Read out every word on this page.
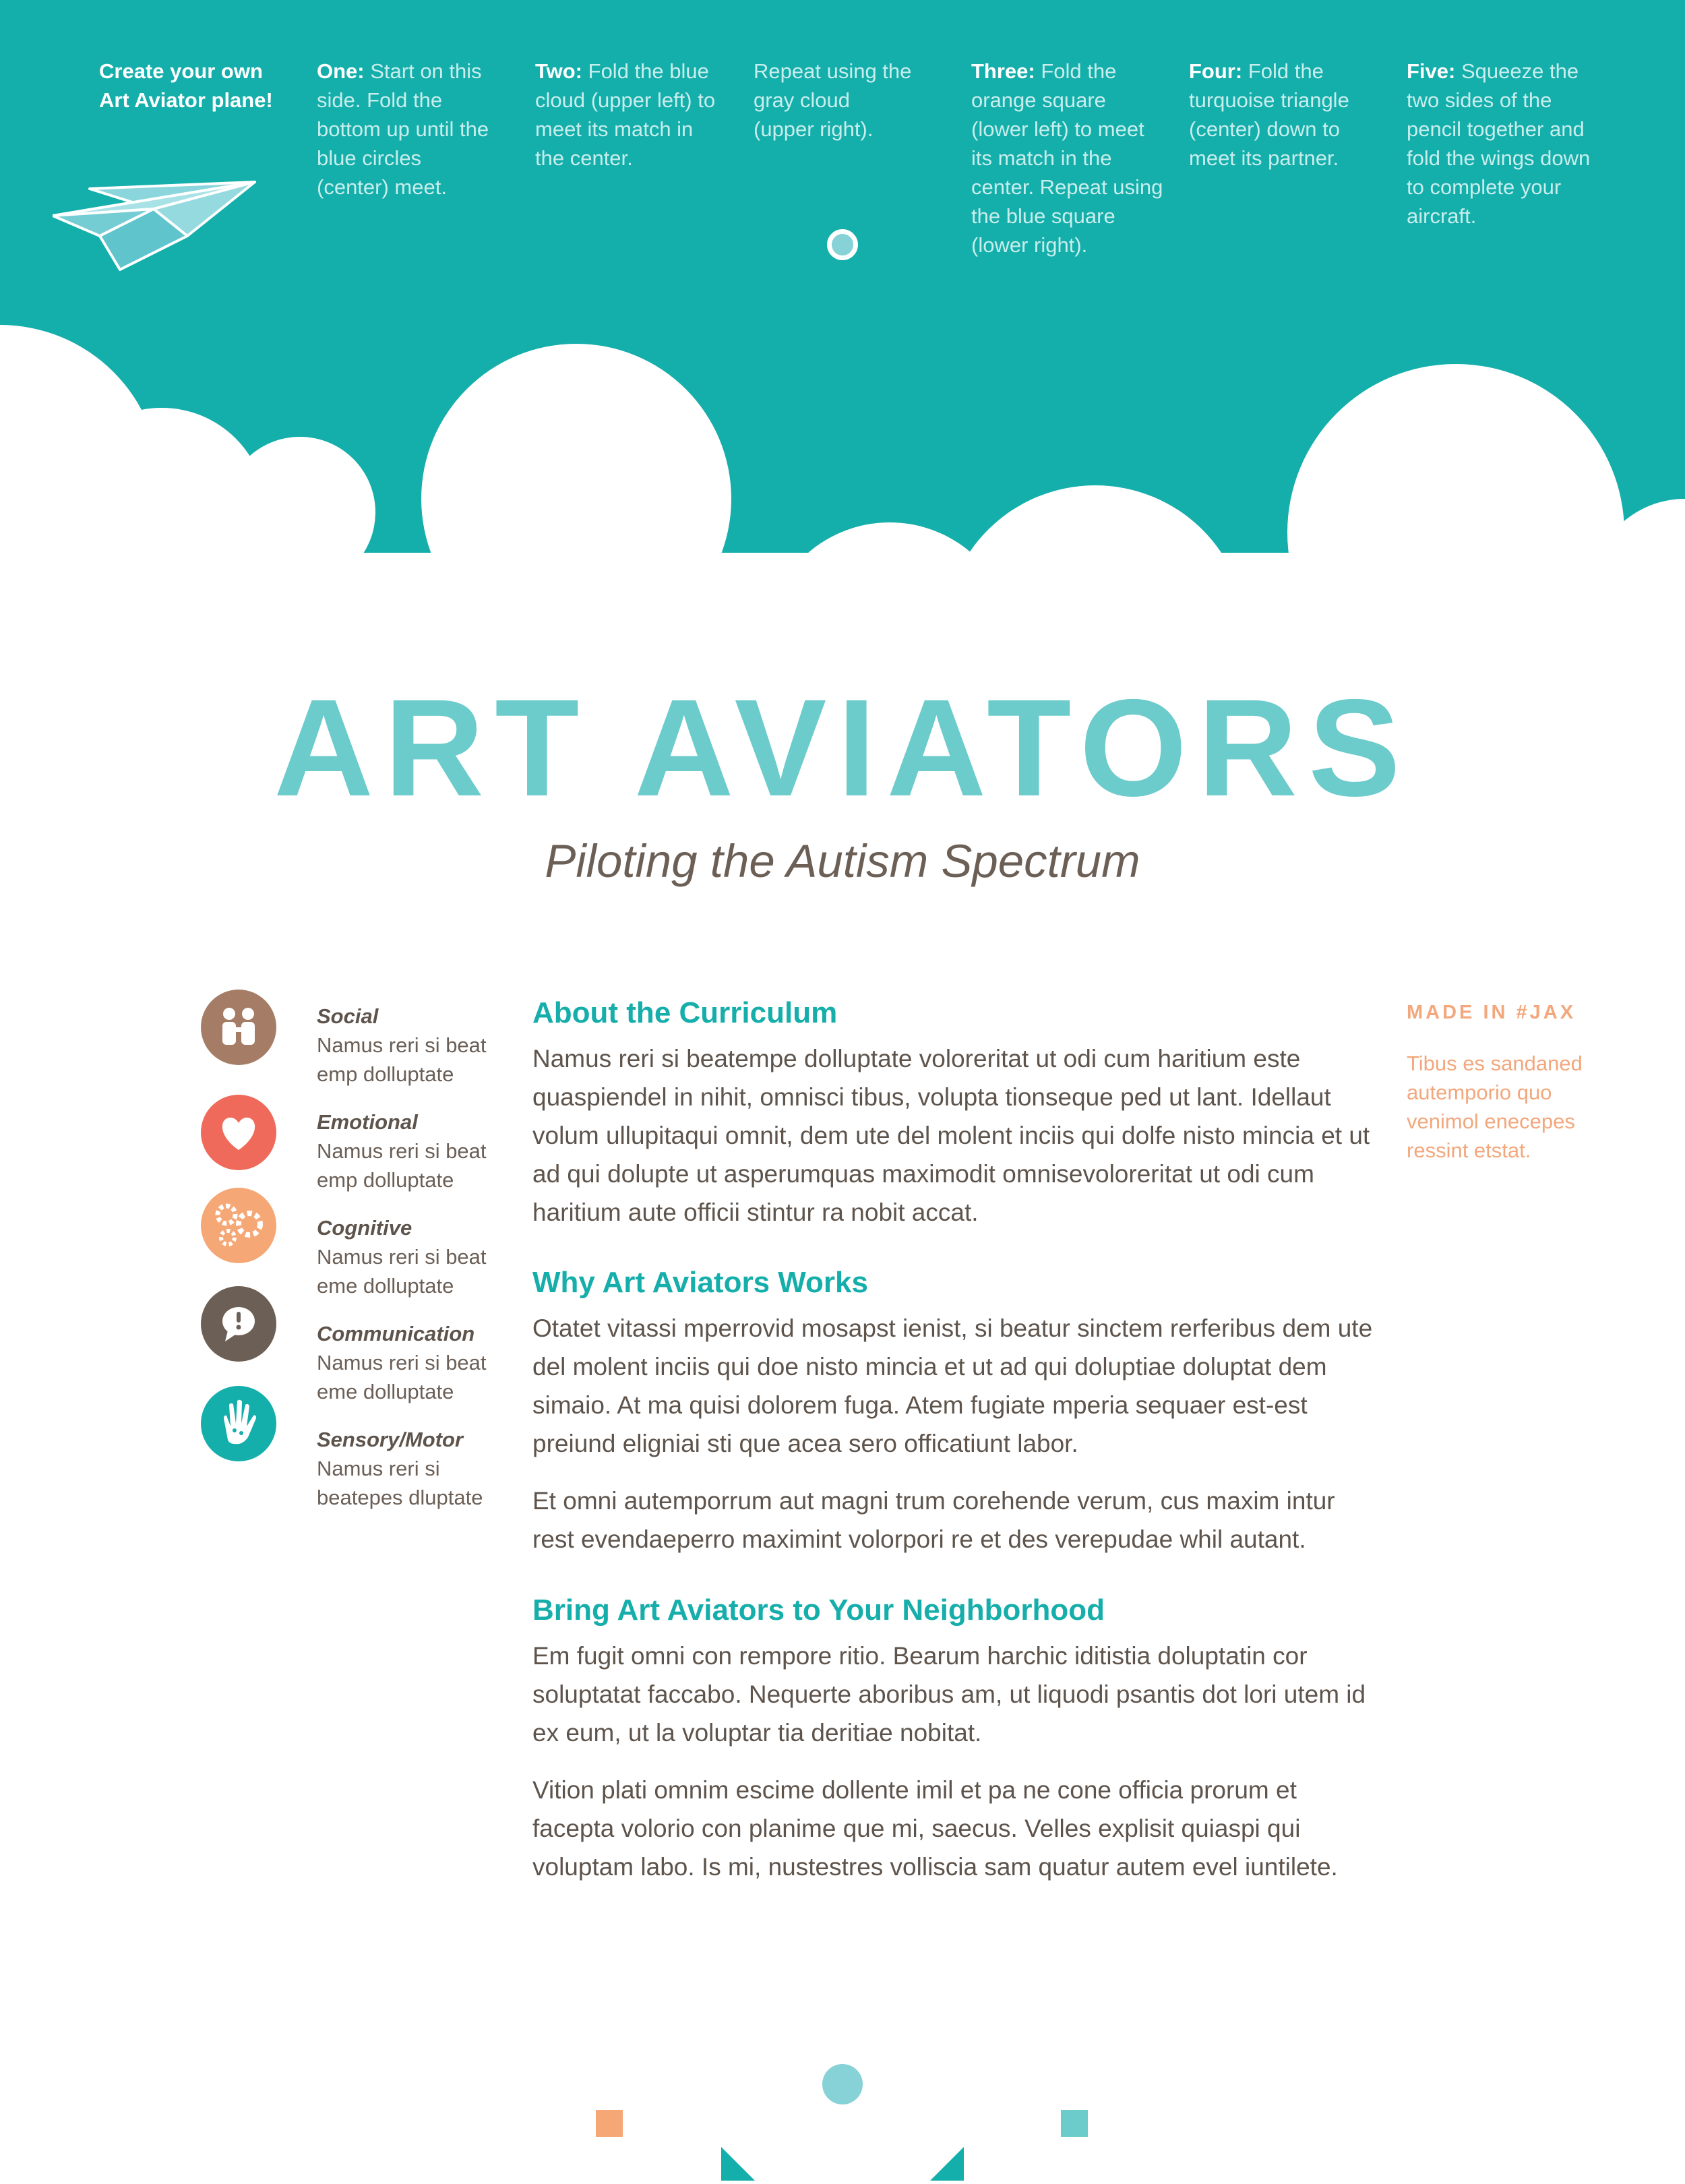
Create your own Art Aviator plane!
One: Start on this side. Fold the bottom up until the blue circles (center) meet.
Two: Fold the blue cloud (upper left) to meet its match in the center.
Repeat using the gray cloud (upper right).
Three: Fold the orange square (lower left) to meet its match in the center. Repeat using the blue square (lower right).
Four: Fold the turquoise triangle (center) down to meet its partner.
Five: Squeeze the two sides of the pencil together and fold the wings down to complete your aircraft.
ART AVIATORS
Piloting the Autism Spectrum
Social
Namus reri si beat emp dolluptate
Emotional
Namus reri si beat emp dolluptate
Cognitive
Namus reri si beat eme dolluptate
Communication
Namus reri si beat eme dolluptate
Sensory/Motor
Namus reri si beatepes dluptate
About the Curriculum

Namus reri si beatempe dolluptate voloreritat ut odi cum haritium este quaspiendel in nihit, omnisci tibus, volupta tionseque ped ut lant. Idellaut volum ullupitaqui omnit, dem ute del molent inciis qui dolfe nisto mincia et ut ad qui dolupte ut asperumquas maximodit omnisevoloreritat ut odi cum haritium aute officii stintur ra nobit accat.

Why Art Aviators Works

Otatet vitassi mperrovid mosapst ienist, si beatur sinctem rerferibus dem ute del molent inciis qui doe nisto mincia et ut ad qui doluptiae doluptat dem simaio. At ma quisi dolorem fuga. Atem fugiate mperia sequaer est-est preiund eligniai sti que acea sero officatiunt labor.

Et omni autemporrum aut magni trum corehende verum, cus maxim intur rest evendaeperro maximint volorpori re et des verepudae whil autant.

Bring Art Aviators to Your Neighborhood

Em fugit omni con rempore ritio. Bearum harchic iditistia doluptatin cor soluptatat faccabo. Nequerte aboribus am, ut liquodi psantis dot lori utem id ex eum, ut la voluptar tia deritiae nobitat.

Vition plati omnim escime dollente imil et pa ne cone officia prorum et facepta volorio con planime que mi, saecus. Velles explisit quiaspi qui voluptam labo. Is mi, nustestres volliscia sam quatur autem evel iuntilete.

MADE IN #JAX
Tibus es sandaned autemporio quo venimol enecepes ressint etstat.
